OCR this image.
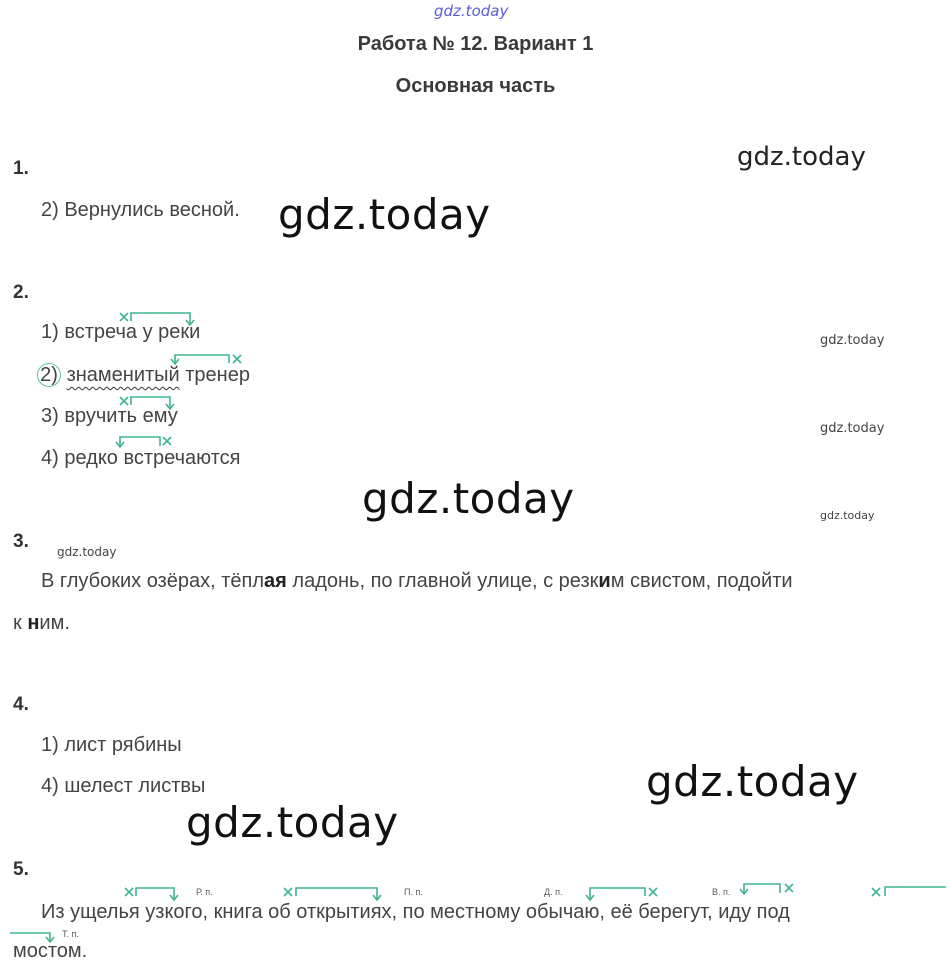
gdz.today
Работа № 12. Вариант 1
Основная часть
gdz.today
gdz.today
gdz.today
gdz.today
gdz.today	gdz.today
gdz.today
gdz.today
gdz.today
1.
2) Вернулись весной.
2.
1) встреча у реки
2) знаменитый тренер
3) вручить ему
4) редко встречаются
3.
В глубоких озёрах, тёплая ладонь, по главной улице, с резким свистом, подойти
к ним.
4.
1) лист рябины
4) шелест листвы
5.
Из ущелья узкого, книга об открытиях, по местному обычаю, её берегут, иду под
мостом.
Р. п.	П. п.	Д. п.	В. п.
Т. п.
